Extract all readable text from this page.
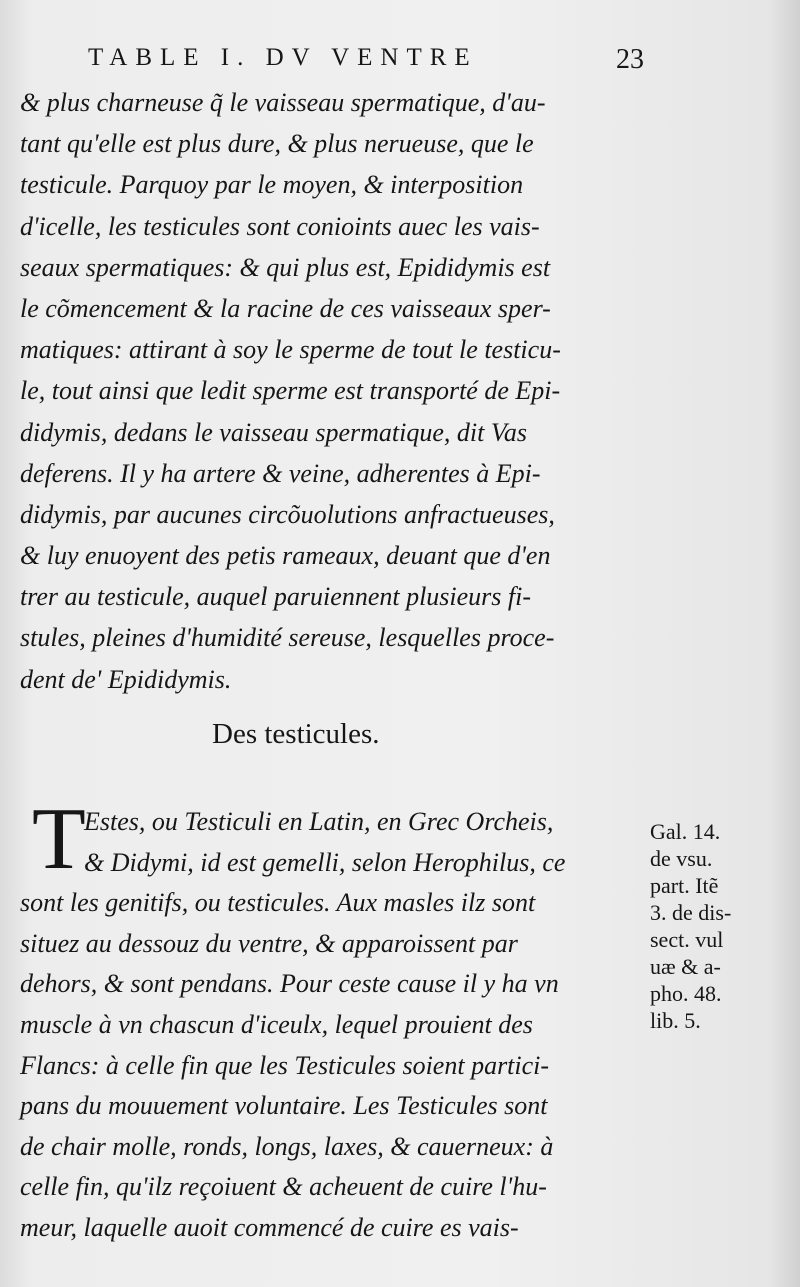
TABLE I. DV VENTRE	23
& plus charneuse q̃ le vaisseau spermatique, d'au-
tant qu'elle est plus dure, & plus nerueuse, que le
testicule. Parquoy par le moyen, & interposition
d'icelle, les testicules sont conioints auec les vais-
seaux spermatiques: & qui plus est, Epididymis est
le cõmencement & la racine de ces vaisseaux sper-
matiques: attirant à soy le sperme de tout le testicu-
le, tout ainsi que ledit sperme est transporté de Epi-
didymis, dedans le vaisseau spermatique, dit Vas
deferens. Il y ha artere & veine, adherentes à Epi-
didymis, par aucunes circõuolutions anfractueuses,
& luy enuoyent des petis rameaux, deuant que d'en
trer au testicule, auquel paruiennent plusieurs fi-
stules, pleines d'humidité sereuse, lesquelles proce-
dent de' Epididymis.
Des testicules.
T
Estes, ou Testiculi en Latin, en Grec Orcheis,
& Didymi, id est gemelli, selon Herophilus, ce
sont les genitifs, ou testicules. Aux masles ilz sont
situez au dessouz du ventre, & apparoissent par
dehors, & sont pendans. Pour ceste cause il y ha vn
muscle à vn chascun d'iceulx, lequel prouient des
Flancs: à celle fin que les Testicules soient partici-
pans du mouuement voluntaire. Les Testicules sont
de chair molle, ronds, longs, laxes, & cauerneux: à
celle fin, qu'ilz reçoiuent & acheuent de cuire l'hu-
meur, laquelle auoit commencé de cuire es vais-
Gal. 14.
de vsu.
part. Itẽ
3. de dis-
sect. vul
uæ & a-
pho. 48.
lib. 5.
